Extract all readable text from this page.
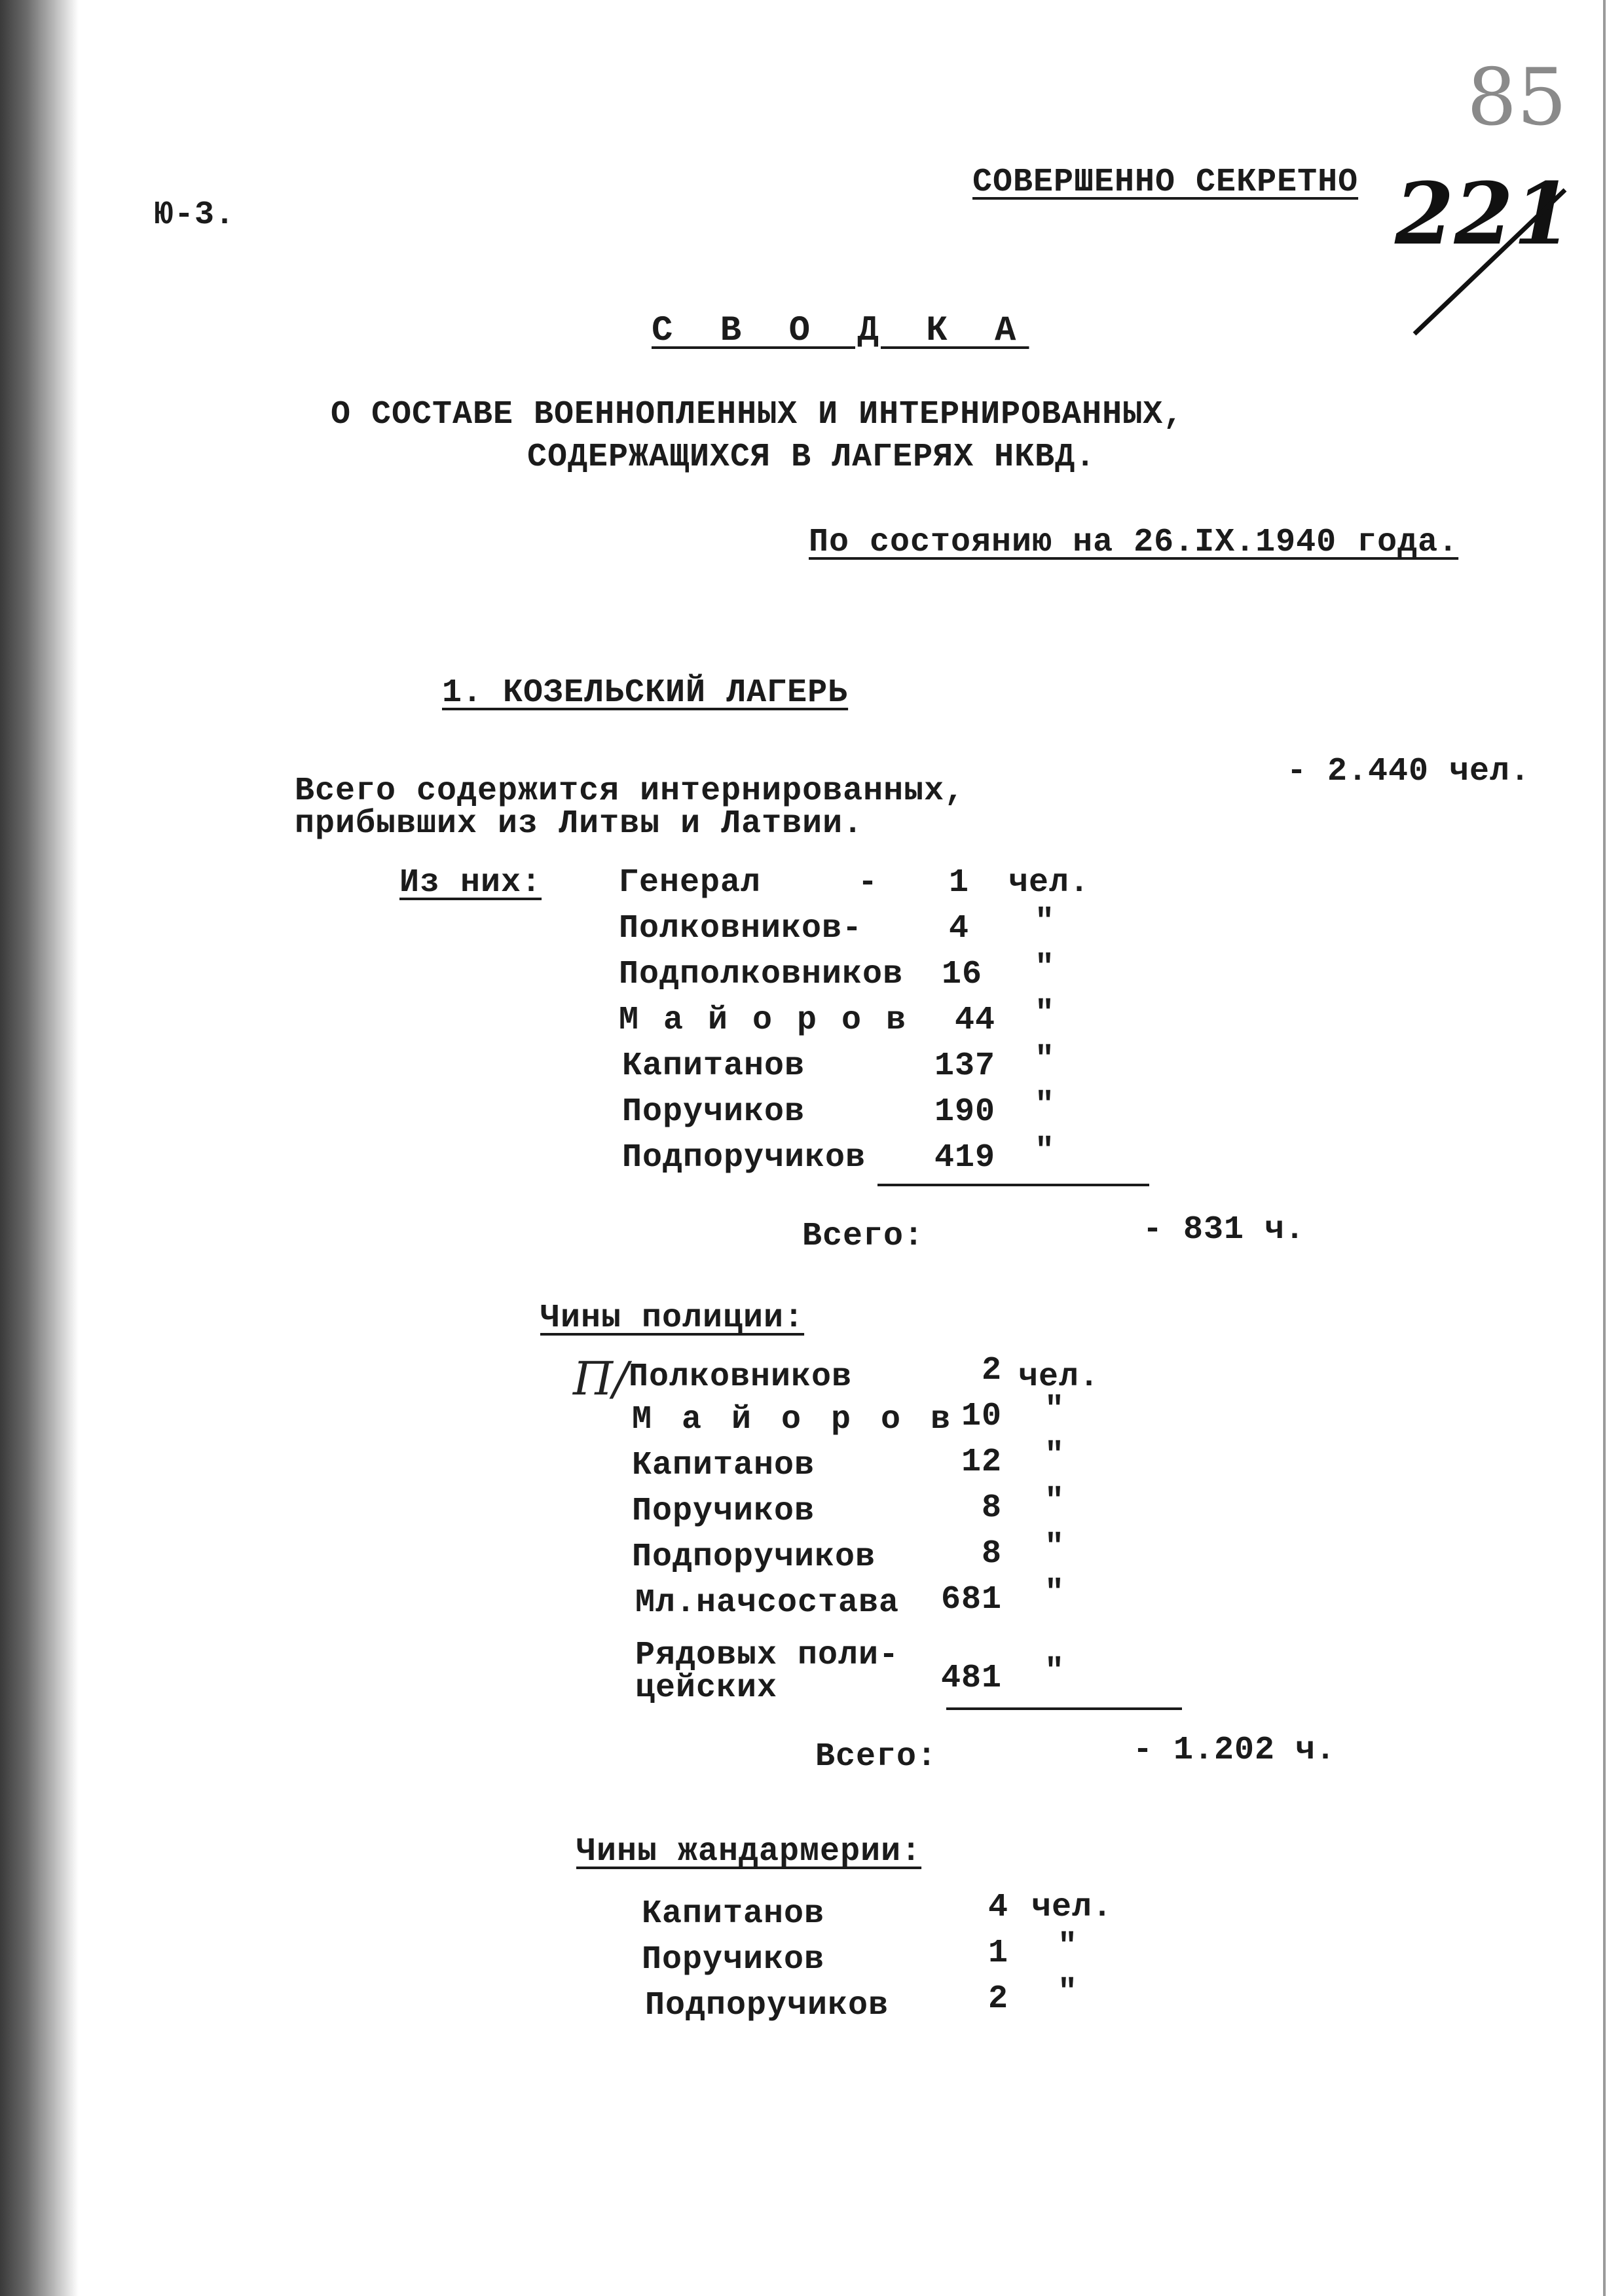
Ю-3.
СОВЕРШЕННО СЕКРЕТНО
85
221
С В О Д К А
О СОСТАВЕ ВОЕННОПЛЕННЫХ И ИНТЕРНИРОВАННЫХ,
СОДЕРЖАЩИХСЯ В ЛАГЕРЯХ НКВД.
По состоянию на 26.IX.1940 года.
1. КОЗЕЛЬСКИЙ ЛАГЕРЬ
Всего содержится интернированных,
прибывших из Литвы и Латвии.
- 2.440 чел.
Из них: Генерал	-	1 чел.
Полковников-	4 "
Подполковников	16 "
М а й о р о в	44 "
Капитанов	137 "
Поручиков	190 "
Подпоручиков	419 "
Всего:	- 831 ч.
Чины полиции:
П/ Полковников	2 чел.
М а й о р о в 10 "
Капитанов	12 "
Поручиков	8 "
Подпоручиков	8 "
Мл.начсостава	681 "
Рядовых поли-
цейских	481 "
Всего:	- 1.202 ч.
Чины жандармерии:
Капитанов	4 чел.
Поручиков	1 "
Подпоручиков	2 "
